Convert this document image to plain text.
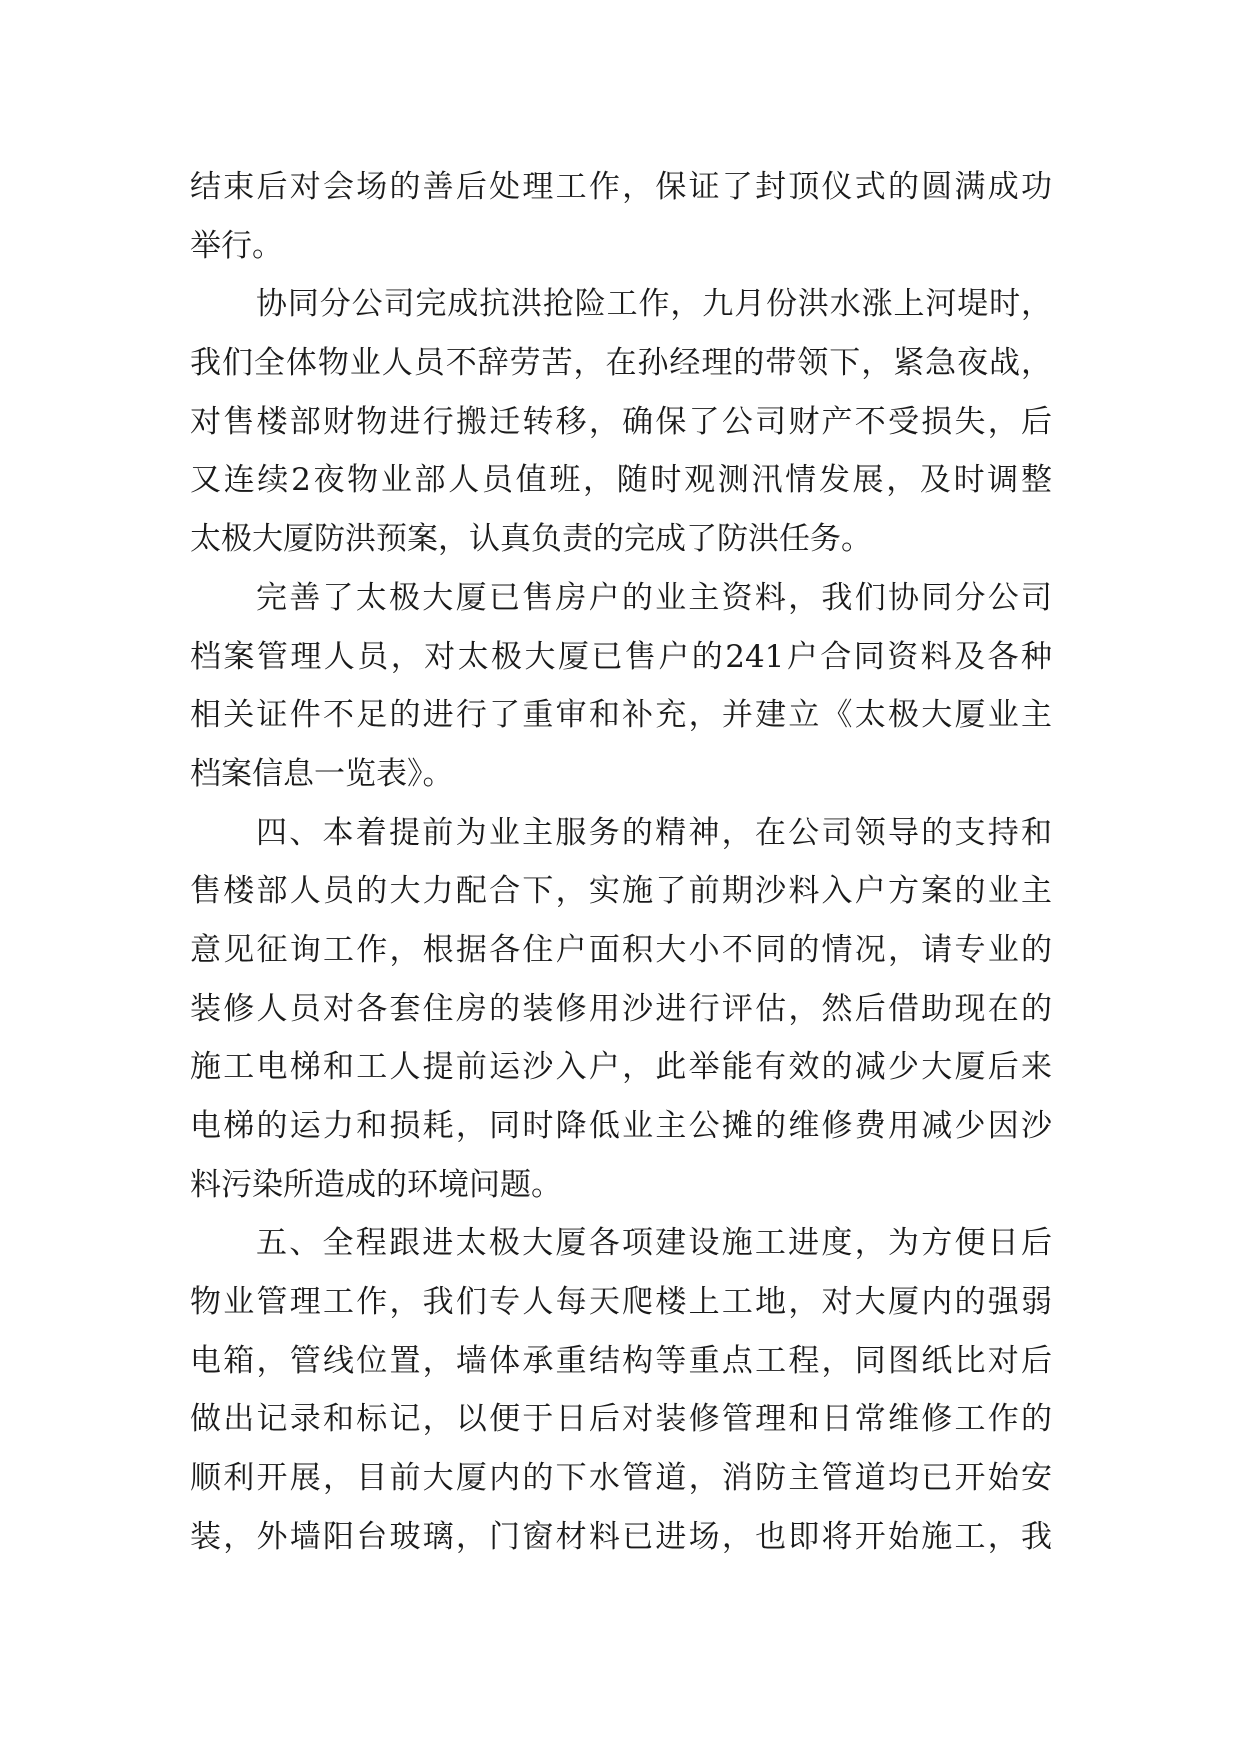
结束后对会场的善后处理工作，保证了封顶仪式的圆满成功
举行。
协同分公司完成抗洪抢险工作，九月份洪水涨上河堤时，
我们全体物业人员不辞劳苦，在孙经理的带领下，紧急夜战，
对售楼部财物进行搬迁转移，确保了公司财产不受损失，后
又连续2夜物业部人员值班，随时观测汛情发展，及时调整
太极大厦防洪预案，认真负责的完成了防洪任务。
完善了太极大厦已售房户的业主资料，我们协同分公司
档案管理人员，对太极大厦已售户的241户合同资料及各种
相关证件不足的进行了重审和补充，并建立《太极大厦业主
档案信息一览表》。
四、本着提前为业主服务的精神，在公司领导的支持和
售楼部人员的大力配合下，实施了前期沙料入户方案的业主
意见征询工作，根据各住户面积大小不同的情况，请专业的
装修人员对各套住房的装修用沙进行评估，然后借助现在的
施工电梯和工人提前运沙入户，此举能有效的减少大厦后来
电梯的运力和损耗，同时降低业主公摊的维修费用减少因沙
料污染所造成的环境问题。
五、全程跟进太极大厦各项建设施工进度，为方便日后
物业管理工作，我们专人每天爬楼上工地，对大厦内的强弱
电箱，管线位置，墙体承重结构等重点工程，同图纸比对后
做出记录和标记，以便于日后对装修管理和日常维修工作的
顺利开展，目前大厦内的下水管道，消防主管道均已开始安
装，外墙阳台玻璃，门窗材料已进场，也即将开始施工，我
